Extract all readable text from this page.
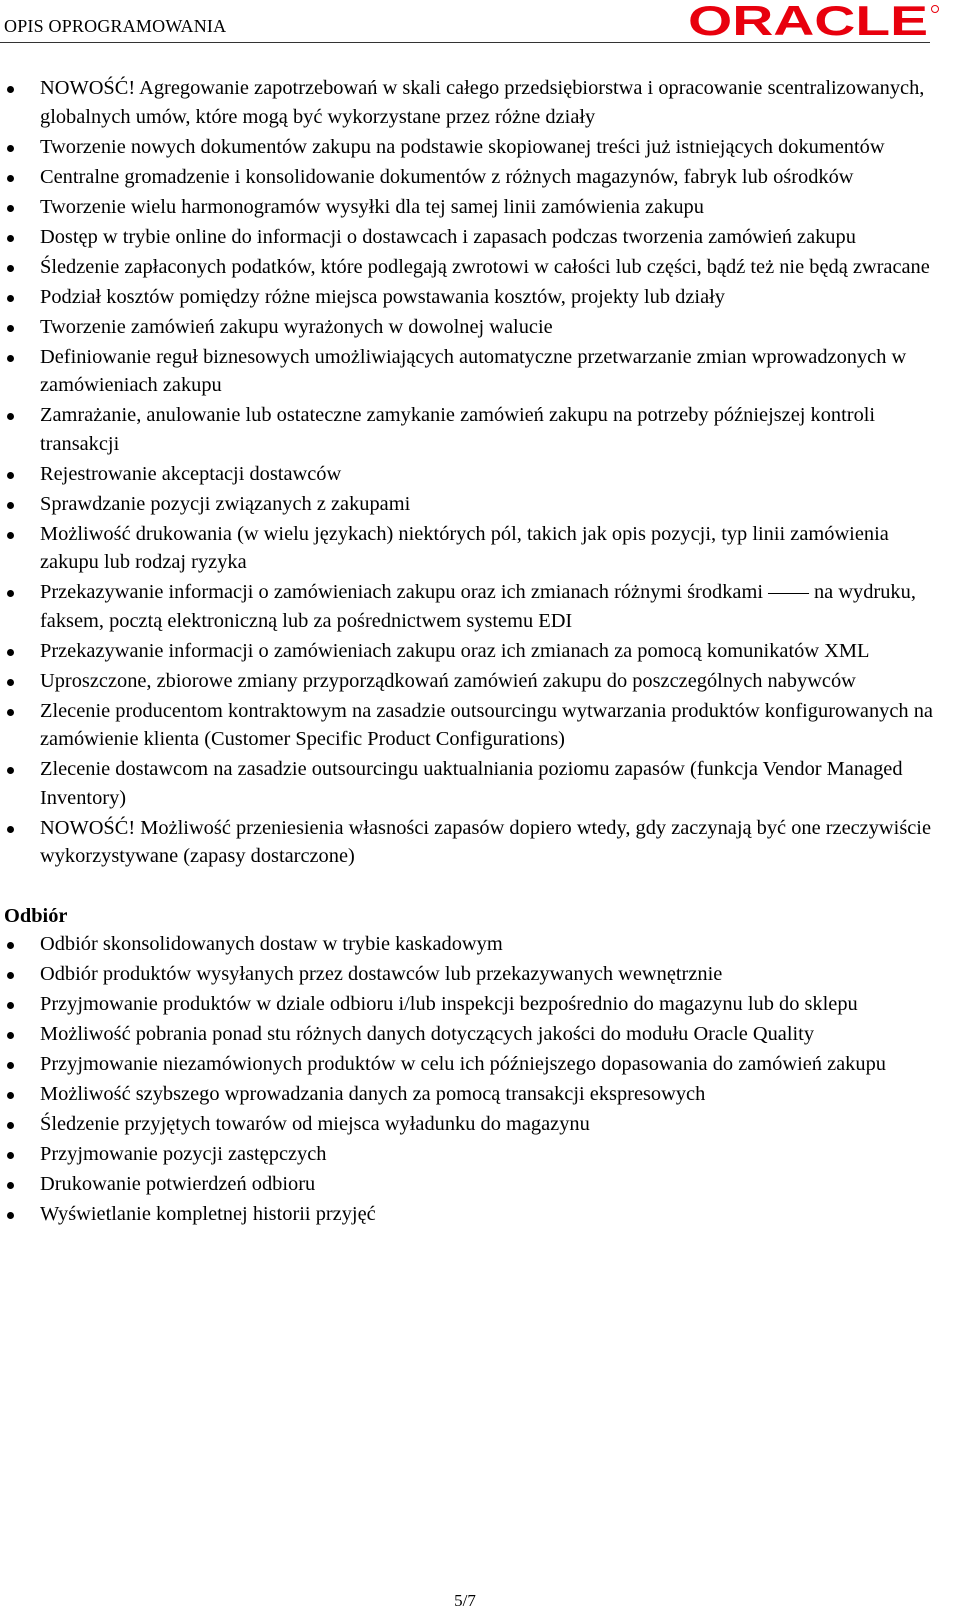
OPIS OPROGRAMOWANIA	ORACLE
NOWOŚĆ! Agregowanie zapotrzebowań w skali całego przedsiębiorstwa i opracowanie scentralizowanych, globalnych umów, które mogą być wykorzystane przez różne działy
Tworzenie nowych dokumentów zakupu na podstawie skopiowanej treści już istniejących dokumentów
Centralne gromadzenie i konsolidowanie dokumentów z różnych magazynów, fabryk lub ośrodków
Tworzenie wielu harmonogramów wysyłki dla tej samej linii zamówienia zakupu
Dostęp w trybie online do informacji o dostawcach i zapasach podczas tworzenia zamówień zakupu
Śledzenie zapłaconych podatków, które podlegają zwrotowi w całości lub części, bądź też nie będą zwracane
Podział kosztów pomiędzy różne miejsca powstawania kosztów, projekty lub działy
Tworzenie zamówień zakupu wyrażonych w dowolnej walucie
Definiowanie reguł biznesowych umożliwiających automatyczne przetwarzanie zmian wprowadzonych w zamówieniach zakupu
Zamrażanie, anulowanie lub ostateczne zamykanie zamówień zakupu na potrzeby późniejszej kontroli transakcji
Rejestrowanie akceptacji dostawców
Sprawdzanie pozycji związanych z zakupami
Możliwość drukowania (w wielu językach) niektórych pól, takich jak opis pozycji, typ linii zamówienia zakupu lub rodzaj ryzyka
Przekazywanie informacji o zamówieniach zakupu oraz ich zmianach różnymi środkami —— na wydruku, faksem, pocztą elektroniczną lub za pośrednictwem systemu EDI
Przekazywanie informacji o zamówieniach zakupu oraz ich zmianach za pomocą komunikatów XML
Uproszczone, zbiorowe zmiany przyporządkowań zamówień zakupu do poszczególnych nabywców
Zlecenie producentom kontraktowym na zasadzie outsourcingu wytwarzania produktów konfigurowanych na zamówienie klienta (Customer Specific Product Configurations)
Zlecenie dostawcom na zasadzie outsourcingu uaktualniania poziomu zapasów (funkcja Vendor Managed Inventory)
NOWOŚĆ! Możliwość przeniesienia własności zapasów dopiero wtedy, gdy zaczynają być one rzeczywiście wykorzystywane (zapasy dostarczone)
Odbiór
Odbiór skonsolidowanych dostaw w trybie kaskadowym
Odbiór produktów wysyłanych przez dostawców lub przekazywanych wewnętrznie
Przyjmowanie produktów w dziale odbioru i/lub inspekcji bezpośrednio do magazynu lub do sklepu
Możliwość pobrania ponad stu różnych danych dotyczących jakości do modułu Oracle Quality
Przyjmowanie niezamówionych produktów w celu ich późniejszego dopasowania do zamówień zakupu
Możliwość szybszego wprowadzania danych za pomocą transakcji ekspresowych
Śledzenie przyjętych towarów od miejsca wyładunku do magazynu
Przyjmowanie pozycji zastępczych
Drukowanie potwierdzeń odbioru
Wyświetlanie kompletnej historii przyjęć
5/7
